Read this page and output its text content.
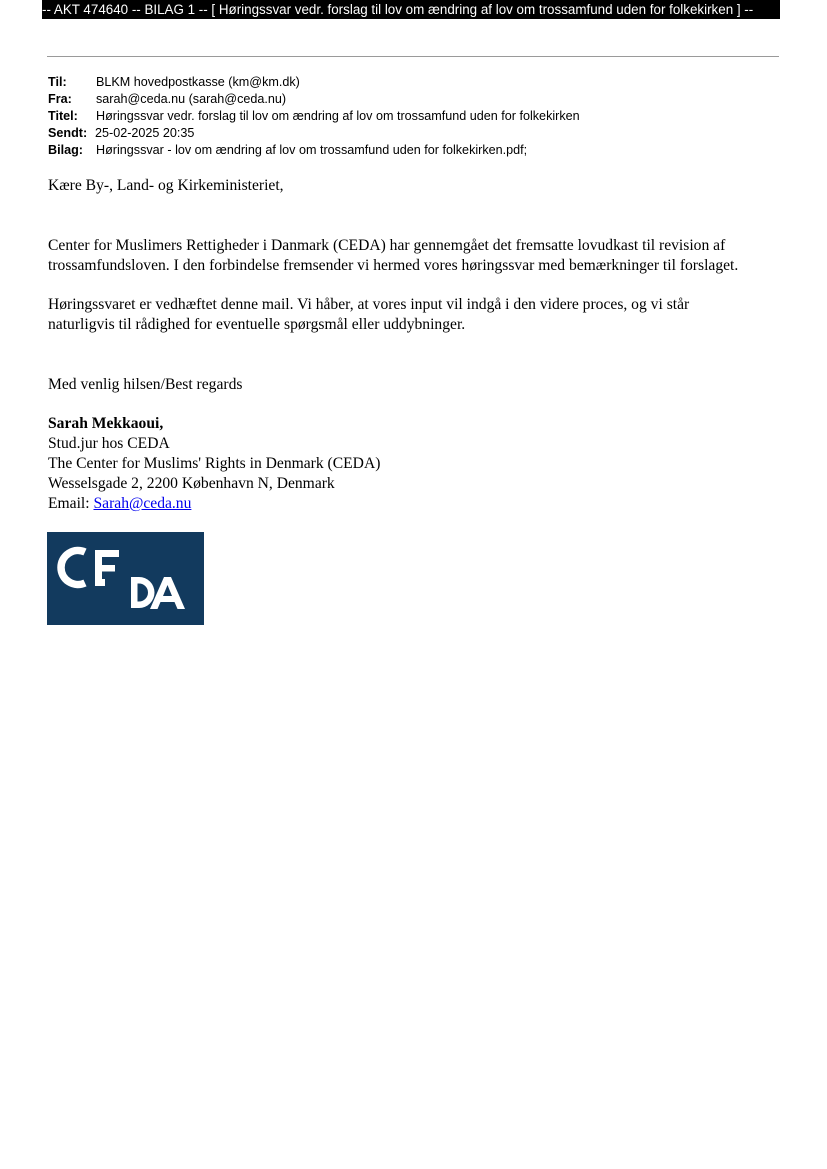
-- AKT 474640 -- BILAG 1 -- [ Høringssvar vedr. forslag til lov om ændring af lov om trossamfund uden for folkekirken ] --
Til:	BLKM hovedpostkasse (km@km.dk)
Fra:	sarah@ceda.nu (sarah@ceda.nu)
Titel:	Høringssvar vedr. forslag til lov om ændring af lov om trossamfund uden for folkekirken
Sendt: 25-02-2025 20:35
Bilag:	Høringssvar - lov om ændring af lov om trossamfund uden for folkekirken.pdf;
Kære By-, Land- og Kirkeministeriet,
Center for Muslimers Rettigheder i Danmark (CEDA) har gennemgået det fremsatte lovudkast til revision af
trossamfundsloven. I den forbindelse fremsender vi hermed vores høringssvar med bemærkninger til forslaget.
Høringssvaret er vedhæftet denne mail. Vi håber, at vores input vil indgå i den videre proces, og vi står
naturligvis til rådighed for eventuelle spørgsmål eller uddybninger.
Med venlig hilsen/Best regards
Sarah Mekkaoui,
Stud.jur hos CEDA
The Center for Muslims' Rights in Denmark (CEDA)
Wesselsgade 2, 2200 København N, Denmark
Email: Sarah@ceda.nu
